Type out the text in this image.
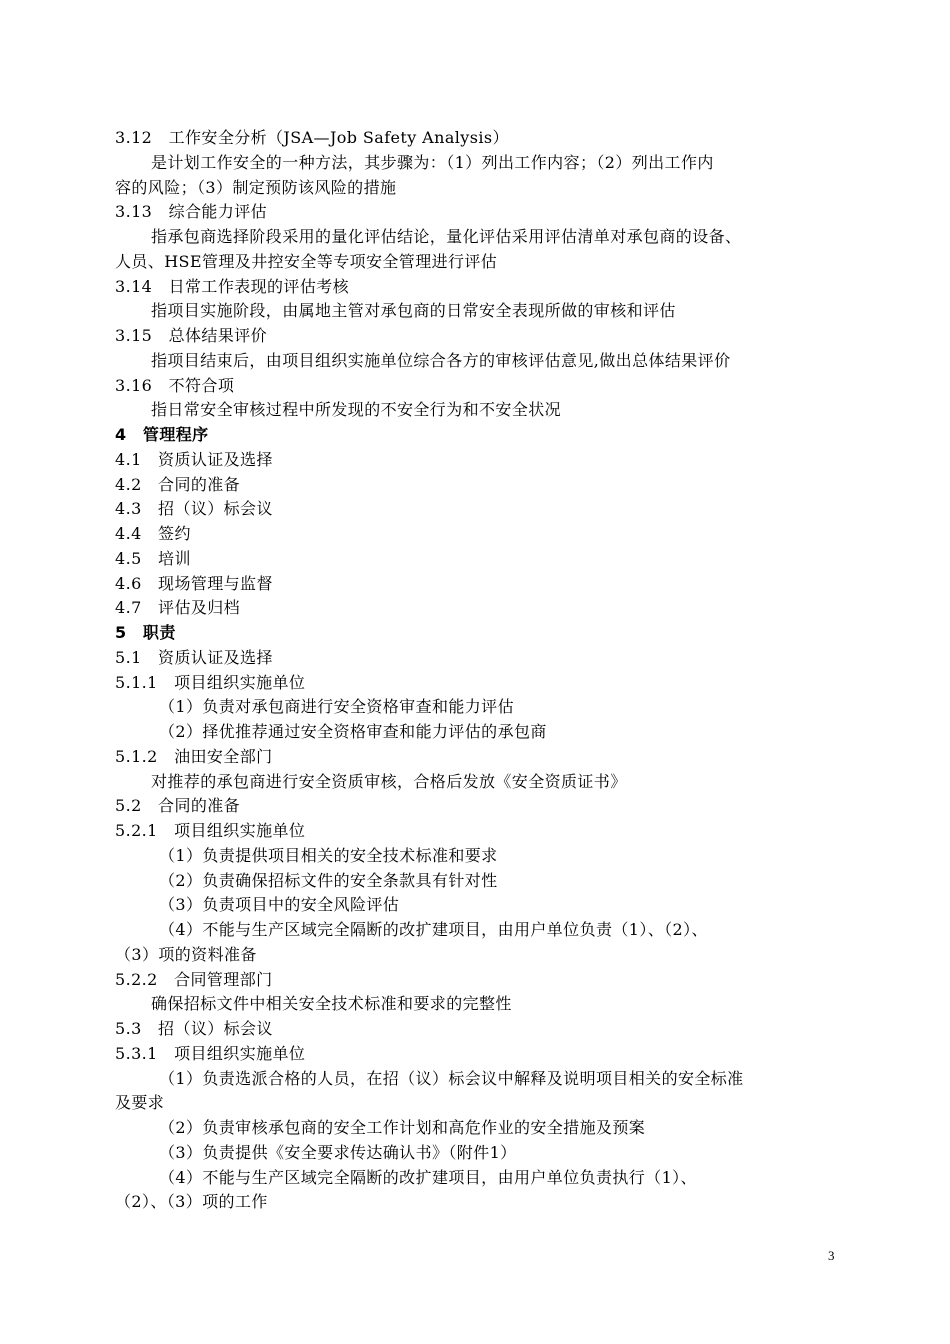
3.12　工作安全分析（JSA—Job Safety Analysis）
是计划工作安全的一种方法，其步骤为：（1）列出工作内容；（2）列出工作内
容的风险；（3）制定预防该风险的措施
3.13　综合能力评估
指承包商选择阶段采用的量化评估结论，量化评估采用评估清单对承包商的设备、
人员、HSE管理及井控安全等专项安全管理进行评估
3.14　日常工作表现的评估考核
指项目实施阶段，由属地主管对承包商的日常安全表现所做的审核和评估
3.15　总体结果评价
指项目结束后，由项目组织实施单位综合各方的审核评估意见,做出总体结果评价
3.16　不符合项
指日常安全审核过程中所发现的不安全行为和不安全状况
4　管理程序
4.1　资质认证及选择
4.2　合同的准备
4.3　招（议）标会议
4.4　签约
4.5　培训
4.6　现场管理与监督
4.7　评估及归档
5　职责
5.1　资质认证及选择
5.1.1　项目组织实施单位
（1）负责对承包商进行安全资格审查和能力评估
（2）择优推荐通过安全资格审查和能力评估的承包商
5.1.2　油田安全部门
对推荐的承包商进行安全资质审核，合格后发放《安全资质证书》
5.2　合同的准备
5.2.1　项目组织实施单位
（1）负责提供项目相关的安全技术标准和要求
（2）负责确保招标文件的安全条款具有针对性
（3）负责项目中的安全风险评估
（4）不能与生产区域完全隔断的改扩建项目，由用户单位负责（1）、（2）、
（3）项的资料准备
5.2.2　合同管理部门
确保招标文件中相关安全技术标准和要求的完整性
5.3　招（议）标会议
5.3.1　项目组织实施单位
（1）负责选派合格的人员，在招（议）标会议中解释及说明项目相关的安全标准
及要求
（2）负责审核承包商的安全工作计划和高危作业的安全措施及预案
（3）负责提供《安全要求传达确认书》（附件1）
（4）不能与生产区域完全隔断的改扩建项目，由用户单位负责执行（1）、
（2）、（3）项的工作
3
